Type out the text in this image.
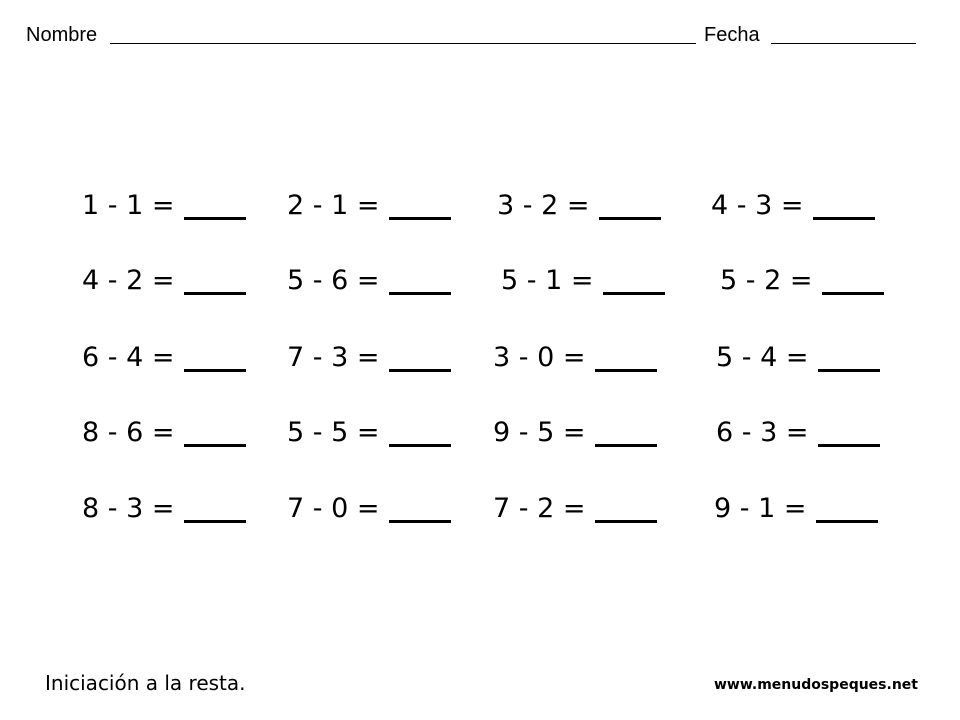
Nombre	Fecha
1 - 1 =	2 - 1 =	3 - 2 =	4 - 3 =
4 - 2 =	5 - 6 =	5 - 1 =	5 - 2 =
6 - 4 =	7 - 3 =	3 - 0 =	5 - 4 =
8 - 6 =	5 - 5 =	9 - 5 =	6 - 3 =
8 - 3 =	7 - 0 =	7 - 2 =	9 - 1 =
Iniciación a la resta.	www.menudospeques.net
